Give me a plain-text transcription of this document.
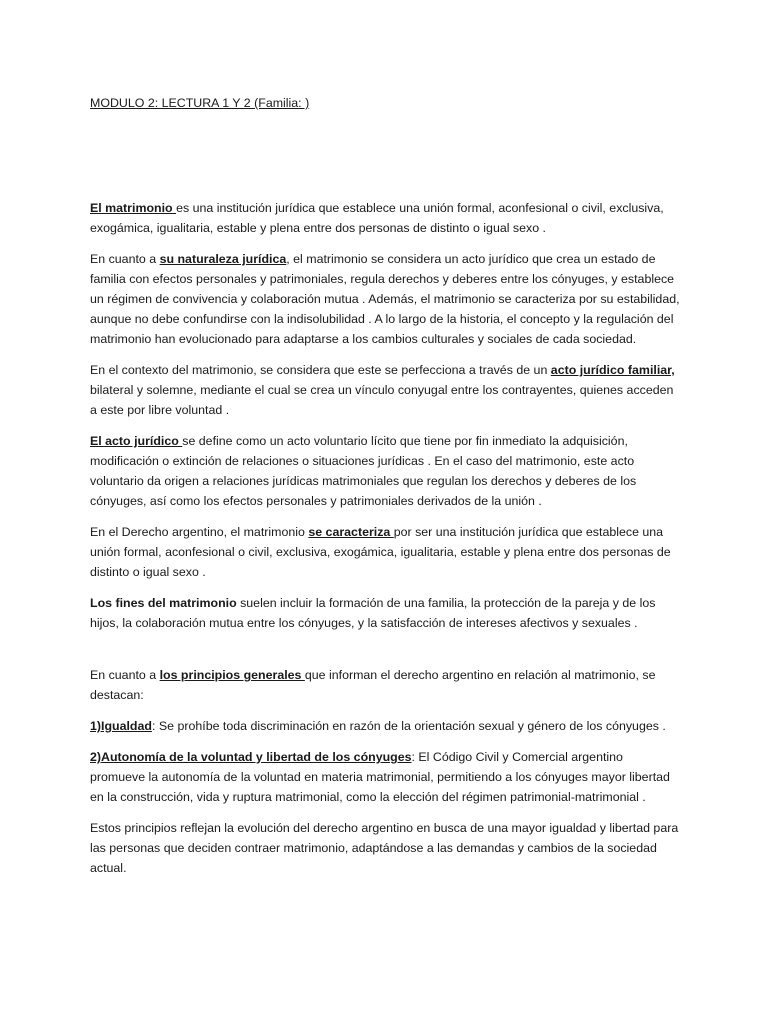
MODULO 2: LECTURA 1 Y 2 (Familia: )

El matrimonio es una institución jurídica que establece una unión formal, aconfesional o civil, exclusiva, exogámica, igualitaria, estable y plena entre dos personas de distinto o igual sexo .

En cuanto a su naturaleza jurídica, el matrimonio se considera un acto jurídico que crea un estado de familia con efectos personales y patrimoniales, regula derechos y deberes entre los cónyuges, y establece un régimen de convivencia y colaboración mutua . Además, el matrimonio se caracteriza por su estabilidad, aunque no debe confundirse con la indisolubilidad . A lo largo de la historia, el concepto y la regulación del matrimonio han evolucionado para adaptarse a los cambios culturales y sociales de cada sociedad.

En el contexto del matrimonio, se considera que este se perfecciona a través de un acto jurídico familiar, bilateral y solemne, mediante el cual se crea un vínculo conyugal entre los contrayentes, quienes acceden a este por libre voluntad .

El acto jurídico se define como un acto voluntario lícito que tiene por fin inmediato la adquisición, modificación o extinción de relaciones o situaciones jurídicas . En el caso del matrimonio, este acto voluntario da origen a relaciones jurídicas matrimoniales que regulan los derechos y deberes de los cónyuges, así como los efectos personales y patrimoniales derivados de la unión .

En el Derecho argentino, el matrimonio se caracteriza por ser una institución jurídica que establece una unión formal, aconfesional o civil, exclusiva, exogámica, igualitaria, estable y plena entre dos personas de distinto o igual sexo .

Los fines del matrimonio suelen incluir la formación de una familia, la protección de la pareja y de los hijos, la colaboración mutua entre los cónyuges, y la satisfacción de intereses afectivos y sexuales .

En cuanto a los principios generales que informan el derecho argentino en relación al matrimonio, se destacan:

1)Igualdad: Se prohíbe toda discriminación en razón de la orientación sexual y género de los cónyuges .

2)Autonomía de la voluntad y libertad de los cónyuges: El Código Civil y Comercial argentino promueve la autonomía de la voluntad en materia matrimonial, permitiendo a los cónyuges mayor libertad en la construcción, vida y ruptura matrimonial, como la elección del régimen patrimonial-matrimonial .

Estos principios reflejan la evolución del derecho argentino en busca de una mayor igualdad y libertad para las personas que deciden contraer matrimonio, adaptándose a las demandas y cambios de la sociedad actual.
